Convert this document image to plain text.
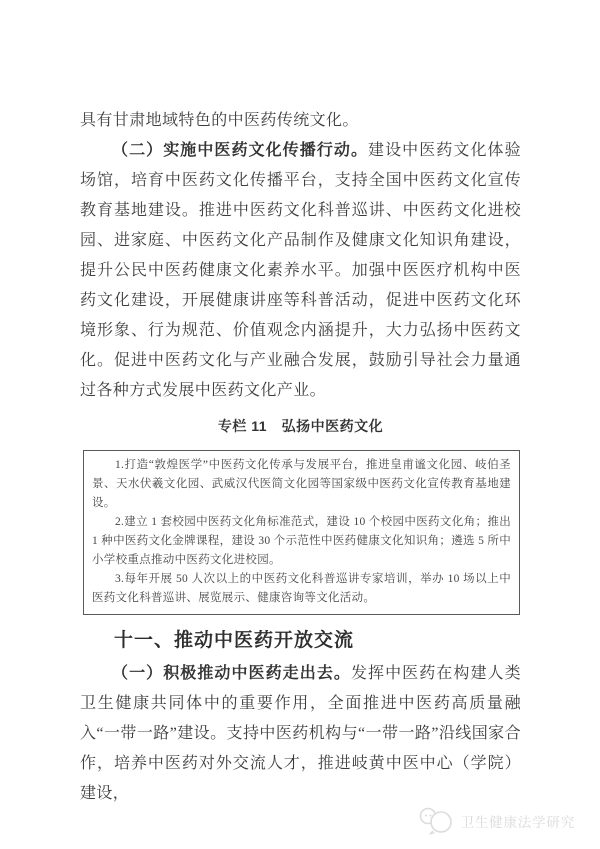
具有甘肃地域特色的中医药传统文化。

（二）实施中医药文化传播行动。建设中医药文化体验场馆，培育中医药文化传播平台，支持全国中医药文化宣传教育基地建设。推进中医药文化科普巡讲、中医药文化进校园、进家庭、中医药文化产品制作及健康文化知识角建设，提升公民中医药健康文化素养水平。加强中医医疗机构中医药文化建设，开展健康讲座等科普活动，促进中医药文化环境形象、行为规范、价值观念内涵提升，大力弘扬中医药文化。促进中医药文化与产业融合发展，鼓励引导社会力量通过各种方式发展中医药文化产业。

专栏 11　弘扬中医药文化

1.打造“敦煌医学”中医药文化传承与发展平台，推进皇甫谧文化园、岐伯圣景、天水伏羲文化园、武威汉代医简文化园等国家级中医药文化宣传教育基地建设。

2.建立 1 套校园中医药文化角标准范式，建设 10 个校园中医药文化角；推出 1 种中医药文化金牌课程，建设 30 个示范性中医药健康文化知识角；遴选 5 所中小学校重点推动中医药文化进校园。

3.每年开展 50 人次以上的中医药文化科普巡讲专家培训，举办 10 场以上中医药文化科普巡讲、展览展示、健康咨询等文化活动。

十一、推动中医药开放交流

（一）积极推动中医药走出去。发挥中医药在构建人类卫生健康共同体中的重要作用，全面推进中医药高质量融入“一带一路”建设。支持中医药机构与“一带一路”沿线国家合作，培养中医药对外交流人才，推进岐黄中医中心（学院）建设，

卫生健康法学研究
